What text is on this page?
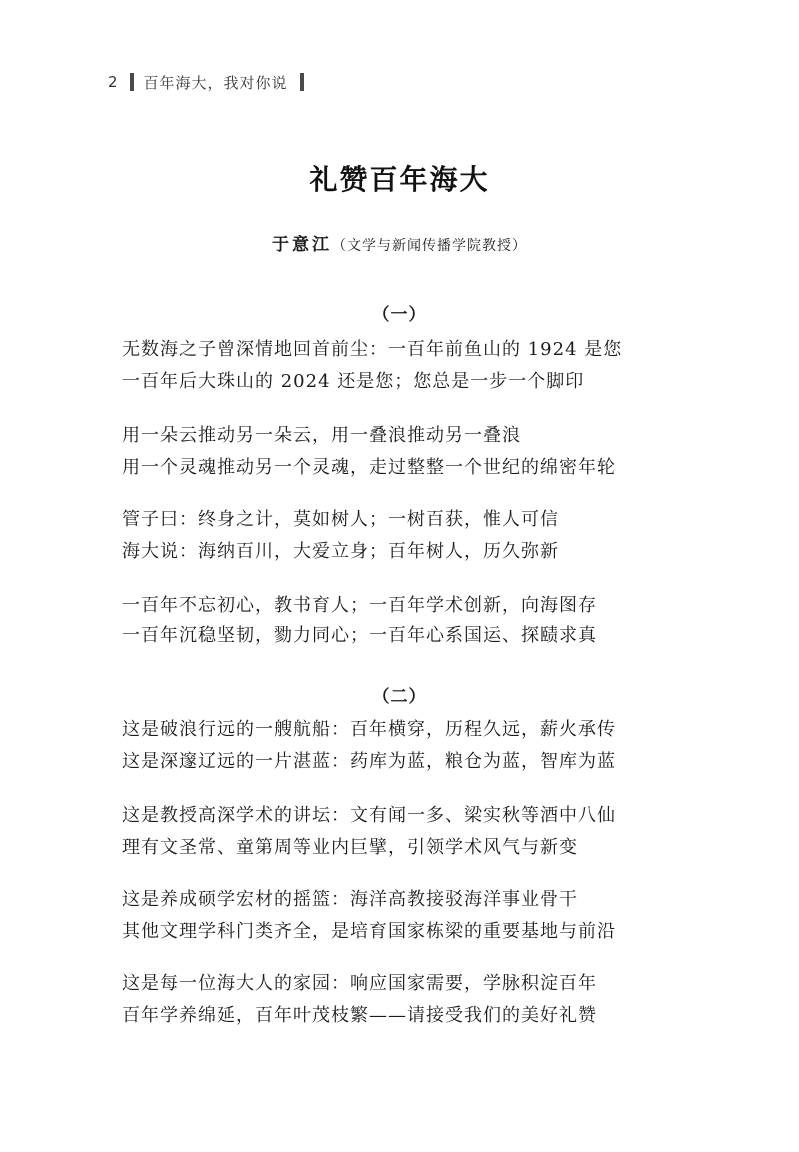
2 百年海大，我对你说
礼赞百年海大
于意江（文学与新闻传播学院教授）
（一）
无数海之子曾深情地回首前尘：一百年前鱼山的 1924 是您
一百年后大珠山的 2024 还是您；您总是一步一个脚印
用一朵云推动另一朵云，用一叠浪推动另一叠浪
用一个灵魂推动另一个灵魂，走过整整一个世纪的绵密年轮
管子曰：终身之计，莫如树人；一树百获，惟人可信
海大说：海纳百川，大爱立身；百年树人，历久弥新
一百年不忘初心，教书育人；一百年学术创新，向海图存
一百年沉稳坚韧，勠力同心；一百年心系国运、探赜求真
（二）
这是破浪行远的一艘航船：百年横穿，历程久远，薪火承传
这是深邃辽远的一片湛蓝：药库为蓝，粮仓为蓝，智库为蓝
这是教授高深学术的讲坛：文有闻一多、梁实秋等酒中八仙
理有文圣常、童第周等业内巨擘，引领学术风气与新变
这是养成硕学宏材的摇篮：海洋高教接驳海洋事业骨干
其他文理学科门类齐全，是培育国家栋梁的重要基地与前沿
这是每一位海大人的家园：响应国家需要，学脉积淀百年
百年学养绵延，百年叶茂枝繁——请接受我们的美好礼赞
